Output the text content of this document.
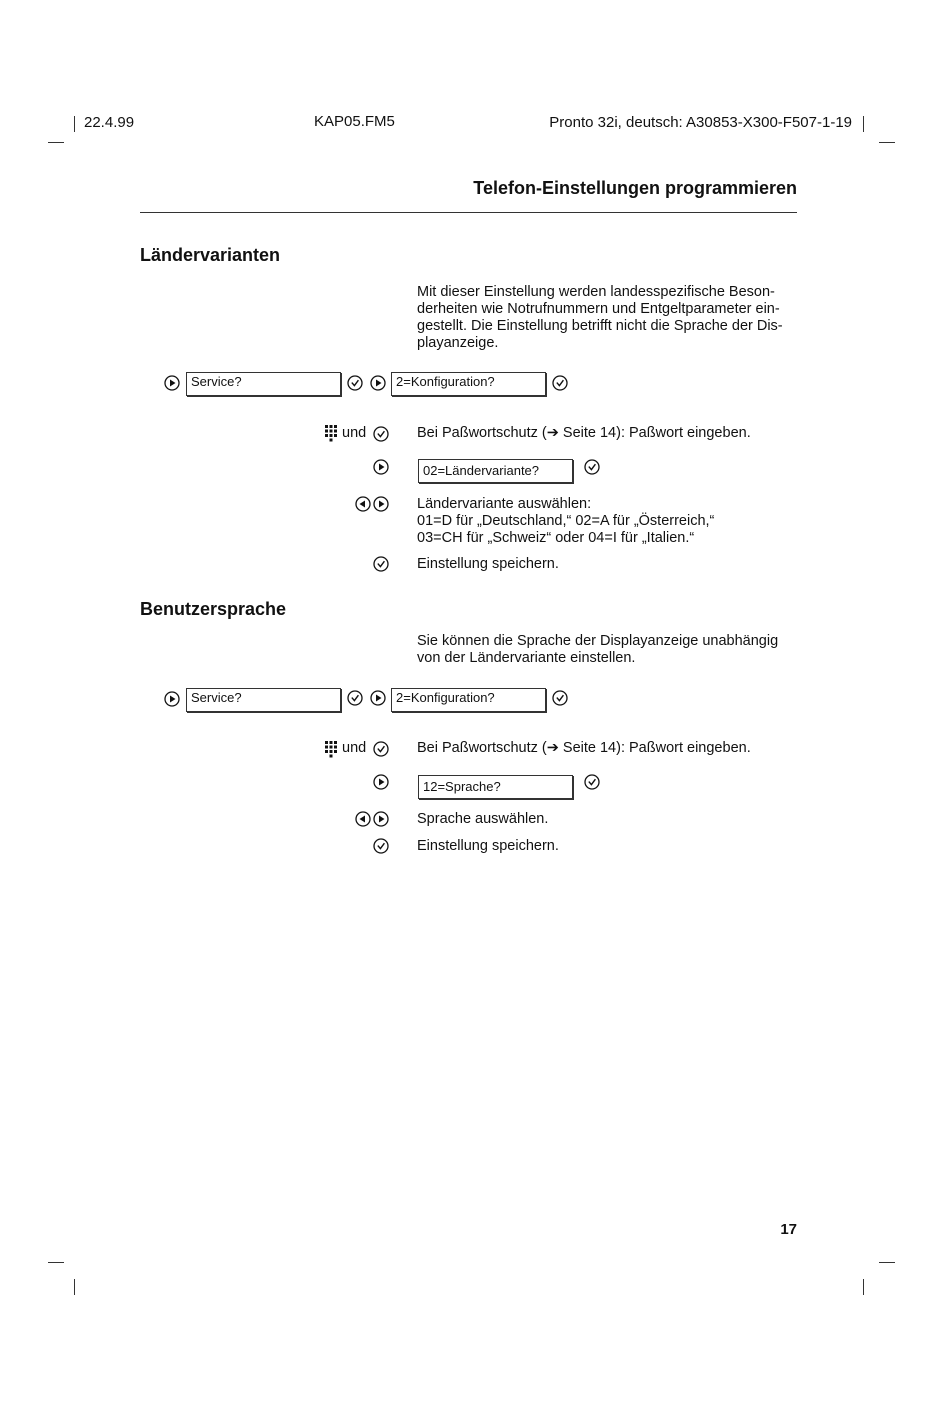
22.4.99	KAP05.FM5	Pronto 32i, deutsch: A30853-X300-F507-1-19
Telefon-Einstellungen programmieren
Ländervarianten
Mit dieser Einstellung werden landesspezifische Beson-
derheiten wie Notrufnummern und Entgeltparameter ein-
gestellt. Die Einstellung betrifft nicht die Sprache der Dis-
playanzeige.
Service?	2=Konfiguration?
und	Bei Paßwortschutz (➔ Seite 14): Paßwort eingeben.
02=Ländervariante?
Ländervariante auswählen:
01=D für „Deutschland,“ 02=A für „Österreich,“
03=CH für „Schweiz“ oder 04=I für „Italien.“
Einstellung speichern.
Benutzersprache
Sie können die Sprache der Displayanzeige unabhängig
von der Ländervariante einstellen.
Service?	2=Konfiguration?
und	Bei Paßwortschutz (➔ Seite 14): Paßwort eingeben.
12=Sprache?
Sprache auswählen.
Einstellung speichern.
17
